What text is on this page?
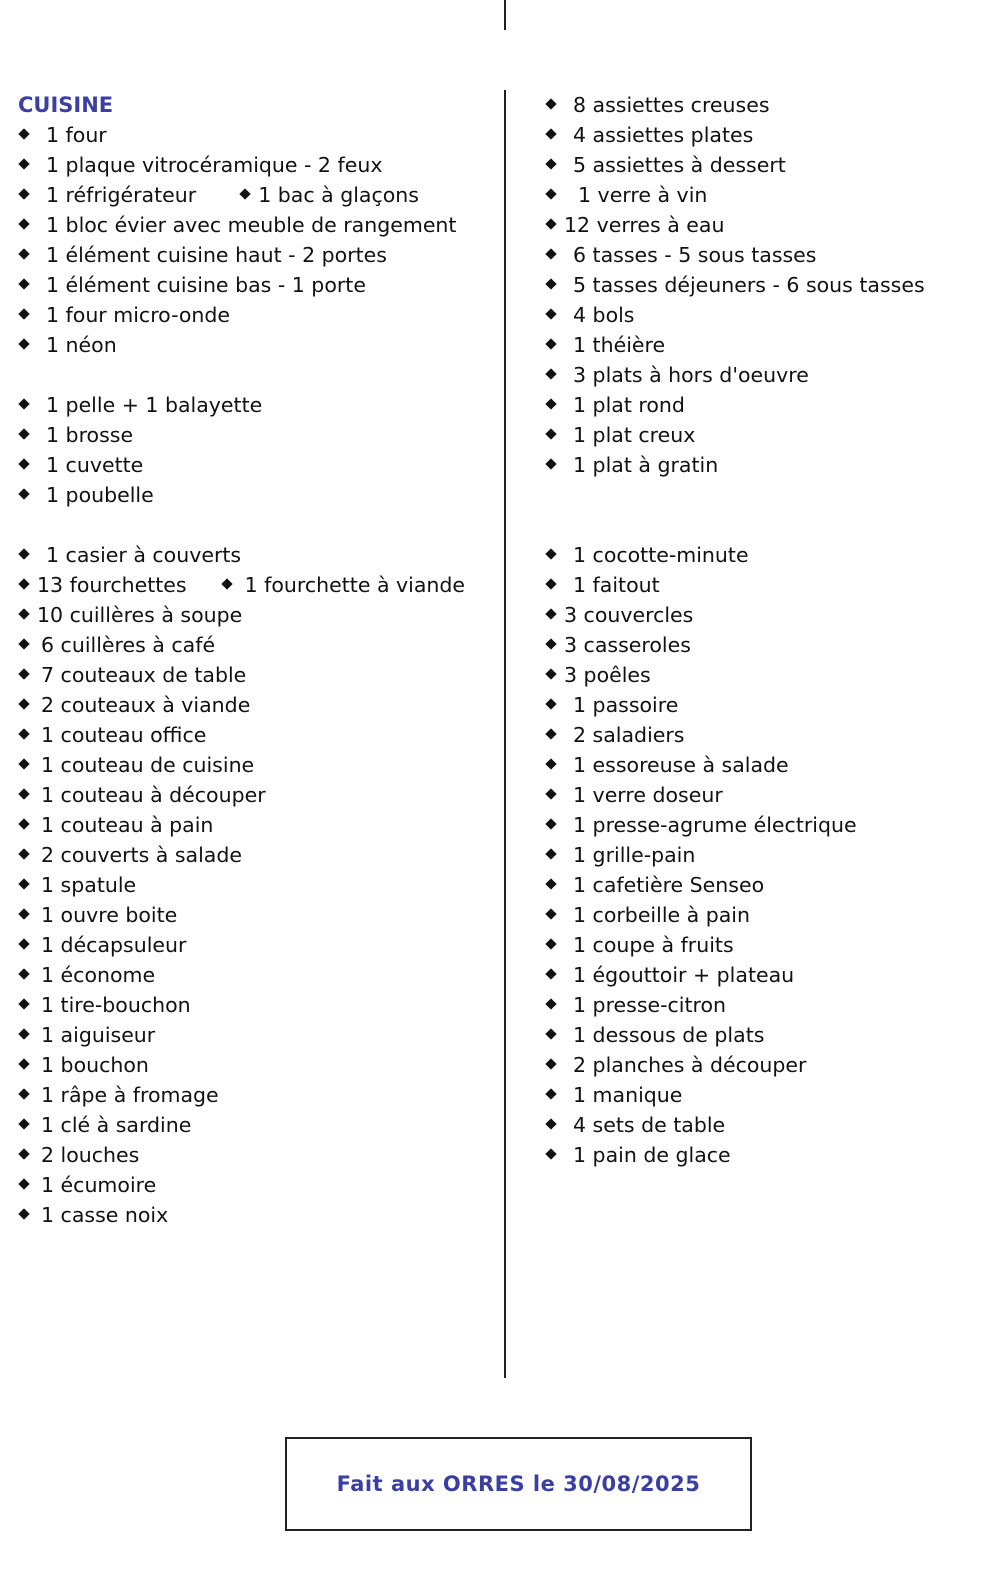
CUISINE
1 four
1 plaque vitrocéramique - 2 feux
1 réfrigérateur	1 bac à glaçons
1 bloc évier avec meuble de rangement
1 élément cuisine haut - 2 portes
1 élément cuisine bas - 1 porte
1 four micro-onde
1 néon
1 pelle + 1 balayette
1 brosse
1 cuvette
1 poubelle
1 casier à couverts
13 fourchettes	1 fourchette à viande
10 cuillères à soupe
6 cuillères à café
7 couteaux de table
2 couteaux à viande
1 couteau office
1 couteau de cuisine
1 couteau à découper
1 couteau à pain
2 couverts à salade
1 spatule
1 ouvre boite
1 décapsuleur
1 économe
1 tire-bouchon
1 aiguiseur
1 bouchon
1 râpe à fromage
1 clé à sardine
2 louches
1 écumoire
1 casse noix
8 assiettes creuses
4 assiettes plates
5 assiettes à dessert
1 verre à vin
12 verres à eau
6 tasses - 5 sous tasses
5 tasses déjeuners - 6 sous tasses
4 bols
1 théière
3 plats à hors d'oeuvre
1 plat rond
1 plat creux
1 plat à gratin
1 cocotte-minute
1 faitout
3 couvercles
3 casseroles
3 poêles
1 passoire
2 saladiers
1 essoreuse à salade
1 verre doseur
1 presse-agrume électrique
1 grille-pain
1 cafetière Senseo
1 corbeille à pain
1 coupe à fruits
1 égouttoir + plateau
1 presse-citron
1 dessous de plats
2 planches à découper
1 manique
4 sets de table
1 pain de glace
Fait aux ORRES le 30/08/2025
